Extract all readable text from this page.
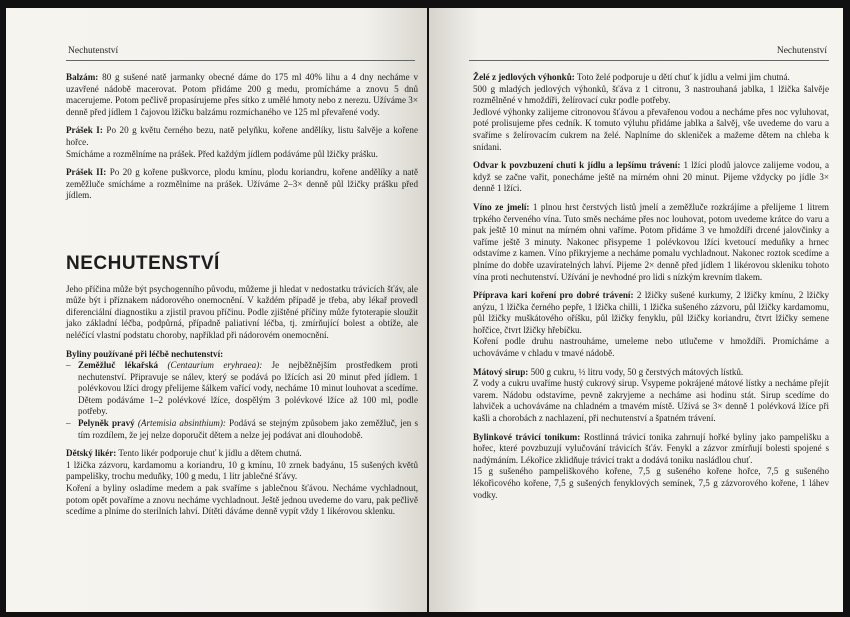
Nechutenství

Balzám: 80 g sušené natě jarmanky obecné dáme do 175 ml 40% lihu a 4 dny necháme v uzavřené nádobě macerovat. Potom přidáme 200 g medu, promícháme a znovu 5 dnů macerujeme. Potom pečlivě propasírujeme přes sítko z umělé hmoty nebo z nerezu. Užíváme 3× denně před jídlem 1 čajovou lžičku balzámu rozmíchaného ve 125 ml převařené vody.

Prášek I: Po 20 g květu černého bezu, natě pelyňku, kořene andělíky, listu šalvěje a kořene hořce.
Smícháme a rozmělníme na prášek. Před každým jídlem podáváme půl lžičky prášku.

Prášek II: Po 20 g kořene puškvorce, plodu kmínu, plodu koriandru, kořene andělíky a natě zeměžluče smícháme a rozmělníme na prášek. Užíváme 2–3× denně půl lžičky prášku před jídlem.

NECHUTENSTVÍ

Jeho příčina může být psychogenního původu, můžeme ji hledat v nedostatku trávicích šťáv, ale může být i příznakem nádorového onemocnění. V každém případě je třeba, aby lékař provedl diferenciální diagnostiku a zjistil pravou příčinu. Podle zjištěné příčiny může fytoterapie sloužit jako základní léčba, podpůrná, případně paliativní léčba, tj. zmírňující bolest a obtíže, ale neléčící vlastní podstatu choroby, například při nádorovém onemocnění.

Byliny používané při léčbě nechutenství:

– Zeměžluč lékařská (Centaurium eryhraea): Je nejběžnějším prostředkem proti nechutenství. Připravuje se nálev, který se podává po lžících asi 20 minut před jídlem. 1 polévkovou lžíci drogy přelijeme šálkem vařící vody, necháme 10 minut louhovat a scedíme. Dětem podáváme 1–2 polévkové lžíce, dospělým 3 polévkové lžíce až 100 ml, podle potřeby.
– Pelyněk pravý (Artemisia absinthium): Podává se stejným způsobem jako zeměžluč, jen s tím rozdílem, že jej nelze doporučit dětem a nelze jej podávat ani dlouhodobě.

Dětský likér: Tento likér podporuje chuť k jídlu a dětem chutná.
1 lžička zázvoru, kardamomu a koriandru, 10 g kmínu, 10 zrnek badyánu, 15 sušených květů pampelišky, trochu meduňky, 100 g medu, 1 litr jablečné šťávy.
Koření a byliny osladíme medem a pak svaříme s jablečnou šťávou. Necháme vychladnout, potom opět povaříme a znovu necháme vychladnout. Ještě jednou uvedeme do varu, pak pečlivě scedíme a plníme do sterilních lahví. Dítěti dáváme denně vypít vždy 1 likérovou sklenku.

Nechutenství

Želé z jedlových výhonků: Toto želé podporuje u dětí chuť k jídlu a velmi jim chutná.
500 g mladých jedlových výhonků, šťáva z 1 citronu, 3 nastrouhaná jablka, 1 lžička šalvěje rozmělněné v hmoždíři, želírovací cukr podle potřeby.
Jedlové výhonky zalijeme citronovou šťávou a převařenou vodou a necháme přes noc vyluhovat, poté prolisujeme přes cedník. K tomuto výluhu přidáme jablka a šalvěj, vše uvedeme do varu a svaříme s želírovacím cukrem na želé. Naplníme do skleniček a mažeme dětem na chleba k snídani.

Odvar k povzbuzení chuti k jídlu a lepšímu trávení: 1 lžíci plodů jalovce zalijeme vodou, a když se začne vařit, ponecháme ještě na mírném ohni 20 minut. Pijeme vždycky po jídle 3× denně 1 lžíci.

Víno ze jmelí: 1 plnou hrst čerstvých listů jmelí a zeměžluče rozkrájíme a přelijeme 1 litrem trpkého červeného vína. Tuto směs necháme přes noc louhovat, potom uvedeme krátce do varu a pak ještě 10 minut na mírném ohni vaříme. Potom přidáme 3 ve hmoždíři drcené jalovčinky a vaříme ještě 3 minuty. Nakonec přisypeme 1 polévkovou lžíci kvetoucí meduňky a hrnec odstavíme z kamen. Víno přikryjeme a necháme pomalu vychladnout. Nakonec roztok scedíme a plníme do dobře uzavíratelných lahví. Pijeme 2× denně před jídlem 1 likérovou skleniku tohoto vína proti nechutenství. Užívání je nevhodné pro lidi s nízkým krevním tlakem.

Příprava kari koření pro dobré trávení: 2 lžičky sušené kurkumy, 2 lžičky kmínu, 2 lžičky anýzu, 1 lžička černého pepře, 1 lžička chilli, 1 lžička sušeného zázvoru, půl lžičky kardamomu, půl lžičky muškátového oříšku, půl lžičky fenyklu, půl lžičky koriandru, čtvrt lžičky semene hořčice, čtvrt lžičky hřebíčku.
Koření podle druhu nastrouháme, umeleme nebo utlučeme v hmoždíři. Promícháme a uchováváme v chladu v tmavé nádobě.

Mátový sirup: 500 g cukru, ½ litru vody, 50 g čerstvých mátových lístků.
Z vody a cukru uvaříme hustý cukrový sirup. Vsypeme pokrájené mátové lístky a necháme přejít varem. Nádobu odstavíme, pevně zakryjeme a necháme asi hodinu stát. Sirup scedíme do lahviček a uchováváme na chladném a tmavém místě. Užívá se 3× denně 1 polévková lžíce při kašli a chorobách z nachlazení, při nechutenství a špatném trávení.

Bylinkové trávicí tonikum: Rostlinná trávicí tonika zahrnují hořké byliny jako pampelišku a hořec, které povzbuzují vylučování trávicích šťáv. Fenykl a zázvor zmírňují bolesti spojené s nadýmáním. Lékořice zklidňuje trávicí trakt a dodává toniku nasládlou chuť.
15 g sušeného pampeliškového kořene, 7,5 g sušeného kořene hořce, 7,5 g sušeného lékořicového kořene, 7,5 g sušených fenyklových semínek, 7,5 g zázvorového kořene, 1 láhev vodky.
